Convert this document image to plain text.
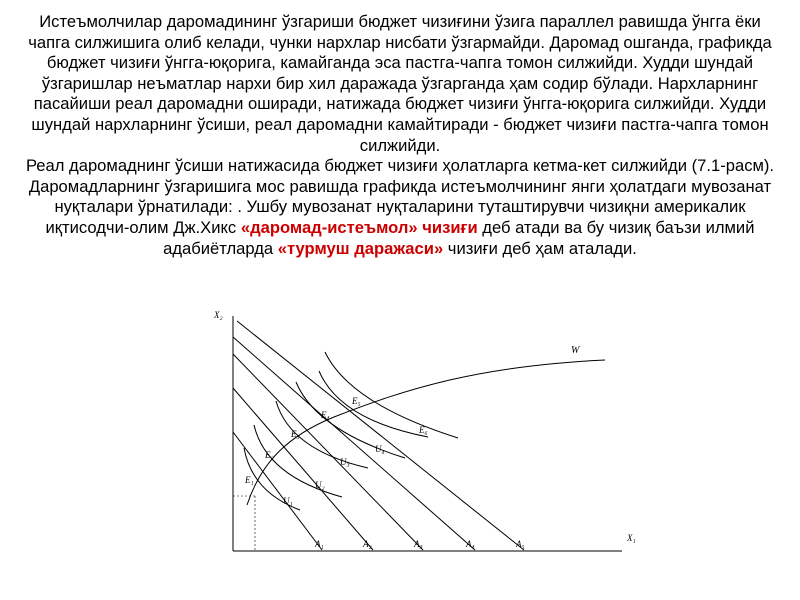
Истеъмолчилар даромадининг ўзгариши бюджет чизиғини ўзига параллел равишда ўнгга ёки чапга силжишига олиб келади, чунки нархлар нисбати ўзгармайди. Даромад ошганда, графикда бюджет чизиғи ўнгга-юқорига, камайганда эса пастга-чапга томон силжийди. Худди шундай ўзгаришлар неъматлар нархи бир хил даражада ўзгарганда ҳам содир бўлади. Нархларнинг пасайиши реал даромадни оширади, натижада бюджет чизиғи ўнгга-юқорига силжийди. Худди шундай нархларнинг ўсиши, реал даромадни камайтиради - бюджет чизиғи пастга-чапга томон силжийди.

Реал даромаднинг ўсиши натижасида бюджет чизиғи ҳолатларга кетма-кет силжийди (7.1-расм).

Даромадларнинг ўзгаришига мос равишда графикда истеъмолчининг янги ҳолатдаги мувозанат нуқталари ўрнатилади: . Ушбу мувозанат нуқталарини туташтирувчи чизиқни америкалик иқтисодчи-олим Дж.Хикс «даромад-истеъмол» чизиғи деб атади ва бу чизиқ баъзи илмий адабиётларда «турмуш даражаси» чизиғи деб ҳам аталади.

X₂
X₁
W
A₁	A₂	A₃	A₄	A₅
U₁
U₂
U₃
U₄
E₁
E₂
E₃
E₄
E₅
E₆
